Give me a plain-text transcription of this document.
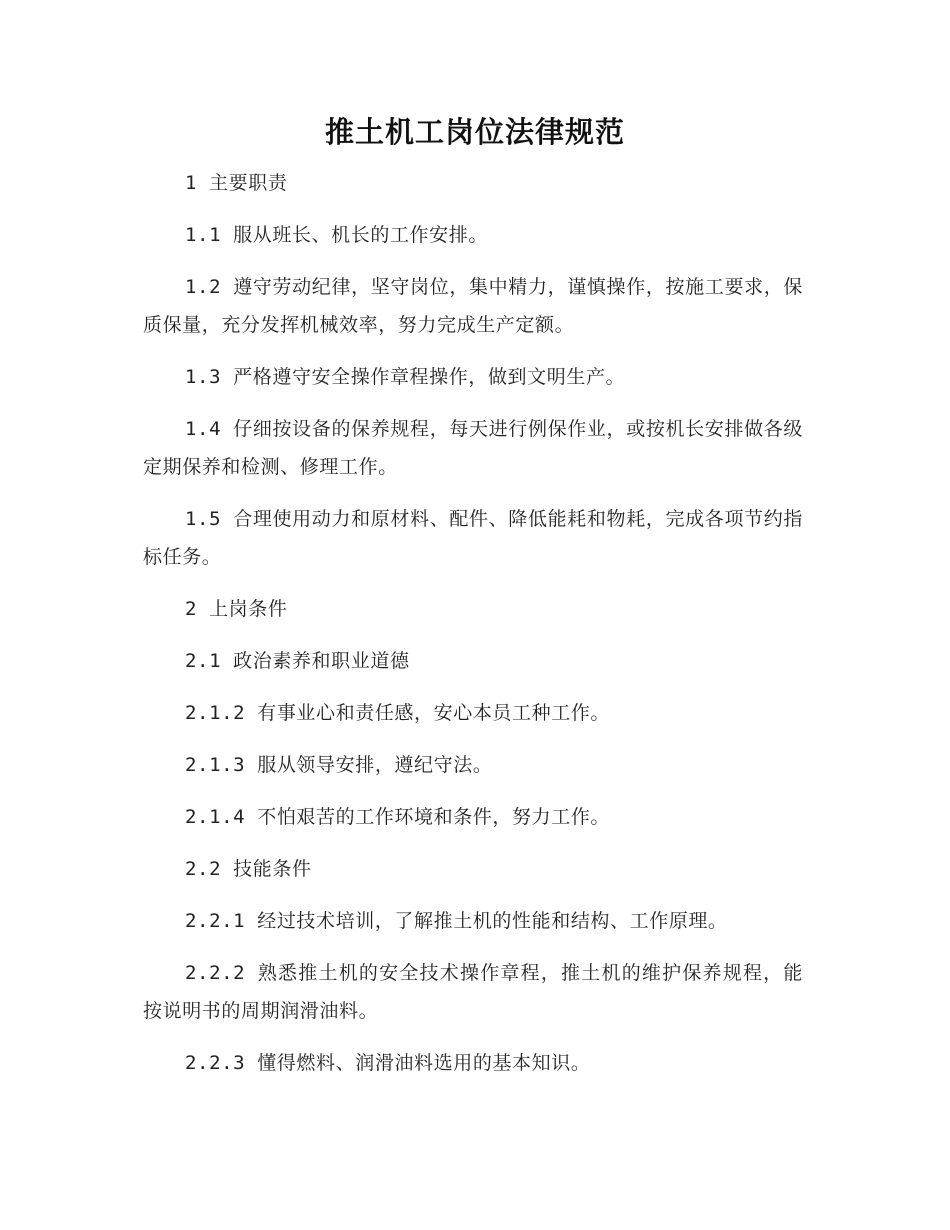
推土机工岗位法律规范

1 主要职责

1.1 服从班长、机长的工作安排。

1.2 遵守劳动纪律，坚守岗位，集中精力，谨慎操作，按施工要求，保质保量，充分发挥机械效率，努力完成生产定额。

1.3 严格遵守安全操作章程操作，做到文明生产。

1.4 仔细按设备的保养规程，每天进行例保作业，或按机长安排做各级定期保养和检测、修理工作。

1.5 合理使用动力和原材料、配件、降低能耗和物耗，完成各项节约指标任务。

2 上岗条件

2.1 政治素养和职业道德

2.1.2 有事业心和责任感，安心本员工种工作。

2.1.3 服从领导安排，遵纪守法。

2.1.4 不怕艰苦的工作环境和条件，努力工作。

2.2 技能条件

2.2.1 经过技术培训，了解推土机的性能和结构、工作原理。

2.2.2 熟悉推土机的安全技术操作章程，推土机的维护保养规程，能按说明书的周期润滑油料。

2.2.3 懂得燃料、润滑油料选用的基本知识。
